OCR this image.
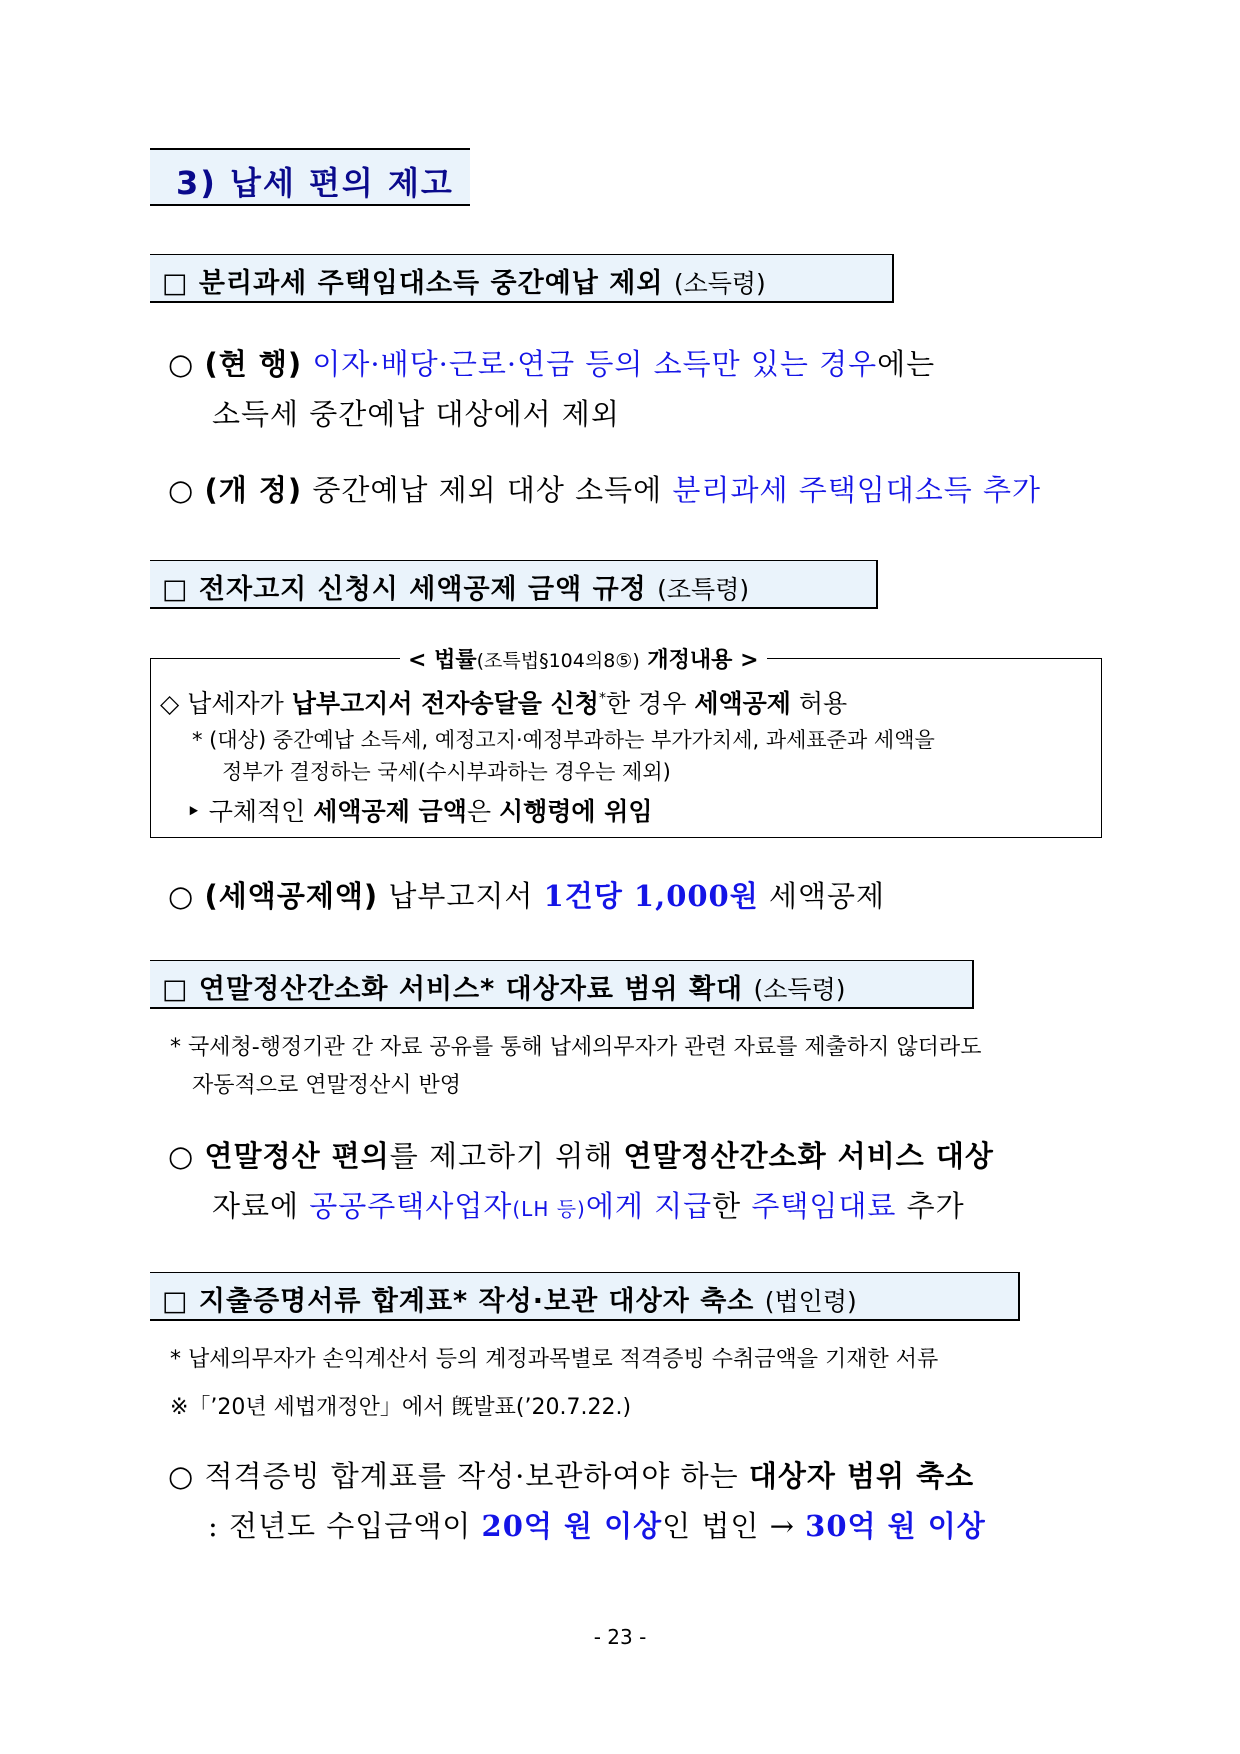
3) 납세 편의 제고
□ 분리과세 주택임대소득 중간예납 제외 (소득령)
○ (현 행) 이자·배당·근로·연금 등의 소득만 있는 경우에는
소득세 중간예납 대상에서 제외
○ (개 정) 중간예납 제외 대상 소득에 분리과세 주택임대소득 추가
□ 전자고지 신청시 세액공제 금액 규정 (조특령)
< 법률(조특법§104의8⑤) 개정내용 >
◇ 납세자가 납부고지서 전자송달을 신청*한 경우 세액공제 허용
* (대상) 중간예납 소득세, 예정고지·예정부과하는 부가가치세, 과세표준과 세액을
정부가 결정하는 국세(수시부과하는 경우는 제외)
‣ 구체적인 세액공제 금액은 시행령에 위임
○ (세액공제액) 납부고지서 1건당 1,000원 세액공제
□ 연말정산간소화 서비스* 대상자료 범위 확대 (소득령)
* 국세청-행정기관 간 자료 공유를 통해 납세의무자가 관련 자료를 제출하지 않더라도
자동적으로 연말정산시 반영
○ 연말정산 편의를 제고하기 위해 연말정산간소화 서비스 대상
자료에 공공주택사업자(LH 등)에게 지급한 주택임대료 추가
□ 지출증명서류 합계표* 작성·보관 대상자 축소 (법인령)
* 납세의무자가 손익계산서 등의 계정과목별로 적격증빙 수취금액을 기재한 서류
※「’20년 세법개정안」에서 旣발표(’20.7.22.)
○ 적격증빙 합계표를 작성·보관하여야 하는 대상자 범위 축소
: 전년도 수입금액이 20억 원 이상인 법인 → 30억 원 이상
- 23 -
